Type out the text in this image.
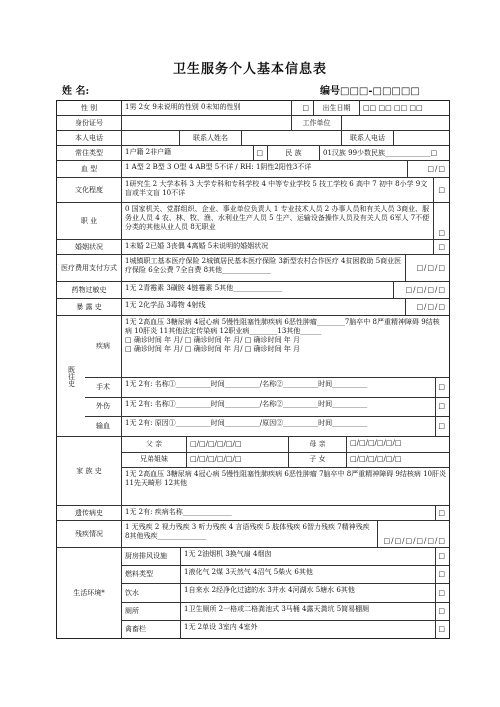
卫生服务个人基本信息表
姓 名:	编号□□□-□□□□□
性 别	1男 2女 9未说明的性别 0未知的性别	□	出生日期	□□ □□ □□ □□
身份证号	工作单位
本人电话	联系人姓名	联系人电话
常住类型	1户籍 2非户籍	□	民 族	01汉族 99少数民族_____________□
血 型	1 A型 2 B型 3 O型 4 AB型 5不详 / RH: 1阴性2阳性3不详	□/□
文化程度
1研究生 2 大学本科 3 大学专科和专科学校 4 中等专业学校 5 技工学校 6 高中 7 初中 8小学 9文盲或半文盲 10不详	□
职 业
0 国家机关、党群组织、企业、事业单位负责人 1 专业技术人员 2 办事人员和有关人员 3商业、服务业人员 4 农、林、牧、渔、水利业生产人员 5 生产、运输设备操作人员及有关人员 6军人 7不便分类的其他从业人员 8无职业
□
婚姻状况	1未婚 2已婚 3丧偶 4离婚 5未说明的婚姻状况	□
医疗费用支付方式
1城镇职工基本医疗保险 2城镇居民基本医疗保险 3新型农村合作医疗 4贫困救助 5商业医疗保险 6全公费 7全自费 8其他______________	□/□/□
药物过敏史	1无 2青霉素 3磺胺 4链霉素 5其他______________	□/□/□/□
暴 露 史	1无 2化学品 3毒物 4射线	□/□/□
既往史
疾病
1无 2高血压 3糖尿病 4冠心病 5慢性阻塞性肺疾病 6恶性肿瘤________7脑卒中 8严重精神障碍 9结核病 10肝炎 11其他法定传染病 12职业病________13其他______
□ 确诊时间 年 月/ □ 确诊时间 年 月/ □ 确诊时间 年 月
□ 确诊时间 年 月/ □ 确诊时间 年 月/ □ 确诊时间 年 月
手术	1无 2有: 名称①__________时间__________/名称②__________时间__________	□
外伤	1无 2有: 名称①__________时间__________/名称②__________时间__________	□
输血	1无 2有: 原因①__________时间__________/原因②__________时间__________	□
家 族 史
父 亲	□/□/□/□/□/□	母 亲	□/□/□/□/□/□
兄弟姐妹	□/□/□/□/□/□	子 女	□/□/□/□/□/□
1无 2高血压 3糖尿病 4冠心病 5慢性阻塞性肺疾病 6恶性肿瘤 7脑卒中 8严重精神障碍 9结核病 10肝炎 11先天畸形 12其他
遗传病史	1无 2有: 疾病名称______________	□
残疾情况
1 无残疾 2 视力残疾 3 听力残疾 4 言语残疾 5 肢体残疾 6智力残疾 7精神残疾 8其他残疾______________
□/□/□/□/□/□
生活环境*
厨房排风设施	1无 2油烟机 3换气扇 4烟囱	□
燃料类型	1液化气 2煤 3天然气 4沼气 5柴火 6其他	□
饮水	1自来水 2经净化过滤的水 3井水 4河湖水 5塘水 6其他	□
厕所	1卫生厕所 2一格或二格粪池式 3马桶 4露天粪坑 5简易棚厕	□
禽畜栏	1无 2单设 3室内 4室外	□
